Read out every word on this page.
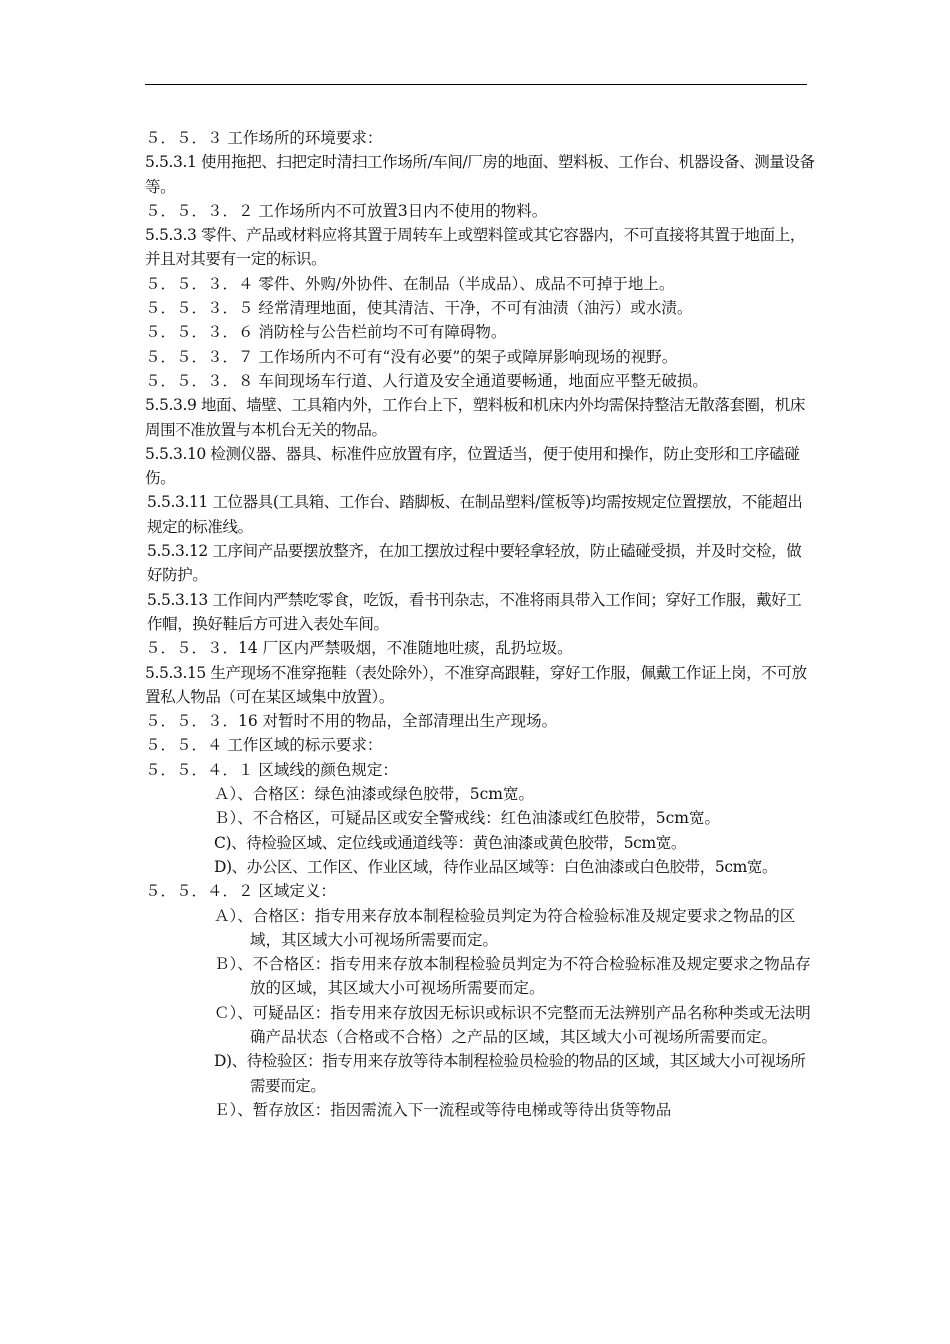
５．５．３ 工作场所的环境要求：

5.5.3.1 使用拖把、扫把定时清扫工作场所/车间/厂房的地面、塑料板、工作台、机器设备、测量设备等。

５．５．３．２ 工作场所内不可放置3日内不使用的物料。

5.5.3.3 零件、产品或材料应将其置于周转车上或塑料筐或其它容器内，不可直接将其置于地面上，并且对其要有一定的标识。

５．５．３．４ 零件、外购/外协件、在制品（半成品）、成品不可掉于地上。

５．５．３．５ 经常清理地面，使其清洁、干净，不可有油渍（油污）或水渍。

５．５．３．６ 消防栓与公告栏前均不可有障碍物。

５．５．３．７ 工作场所内不可有“没有必要”的架子或障屏影响现场的视野。

５．５．３．８ 车间现场车行道、人行道及安全通道要畅通，地面应平整无破损。

5.5.3.9 地面、墙壁、工具箱内外，工作台上下，塑料板和机床内外均需保持整洁无散落套圈，机床周围不准放置与本机台无关的物品。

5.5.3.10 检测仪器、器具、标准件应放置有序，位置适当，便于使用和操作，防止变形和工序磕碰伤。

5.5.3.11 工位器具(工具箱、工作台、踏脚板、在制品塑料/筐板等)均需按规定位置摆放，不能超出规定的标准线。

5.5.3.12 工序间产品要摆放整齐，在加工摆放过程中要轻拿轻放，防止磕碰受损，并及时交检，做好防护。

5.5.3.13 工作间内严禁吃零食，吃饭，看书刊杂志，不准将雨具带入工作间；穿好工作服，戴好工作帽，换好鞋后方可进入表处车间。

５．５．３．14 厂区内严禁吸烟，不准随地吐痰，乱扔垃圾。

5.5.3.15 生产现场不准穿拖鞋（表处除外），不准穿高跟鞋，穿好工作服，佩戴工作证上岗，不可放置私人物品（可在某区域集中放置）。

５．５．３．16 对暂时不用的物品，全部清理出生产现场。

５．５．４ 工作区域的标示要求：

５．５．４．１ 区域线的颜色规定：

Ａ）、合格区：绿色油漆或绿色胶带，5cm宽。

Ｂ）、不合格区，可疑品区或安全警戒线：红色油漆或红色胶带，5cm宽。

C)、待检验区域、定位线或通道线等：黄色油漆或黄色胶带，5cm宽。

D)、办公区、工作区、作业区域，待作业品区域等：白色油漆或白色胶带，5cm宽。

５．５．４．２ 区域定义：

Ａ）、合格区：指专用来存放本制程检验员判定为符合检验标准及规定要求之物品的区域，其区域大小可视场所需要而定。

Ｂ）、不合格区：指专用来存放本制程检验员判定为不符合检验标准及规定要求之物品存放的区域，其区域大小可视场所需要而定。

Ｃ）、可疑品区：指专用来存放因无标识或标识不完整而无法辨别产品名称种类或无法明确产品状态（合格或不合格）之产品的区域，其区域大小可视场所需要而定。

D)、待检验区：指专用来存放等待本制程检验员检验的物品的区域，其区域大小可视场所需要而定。

Ｅ）、暂存放区：指因需流入下一流程或等待电梯或等待出货等物品
